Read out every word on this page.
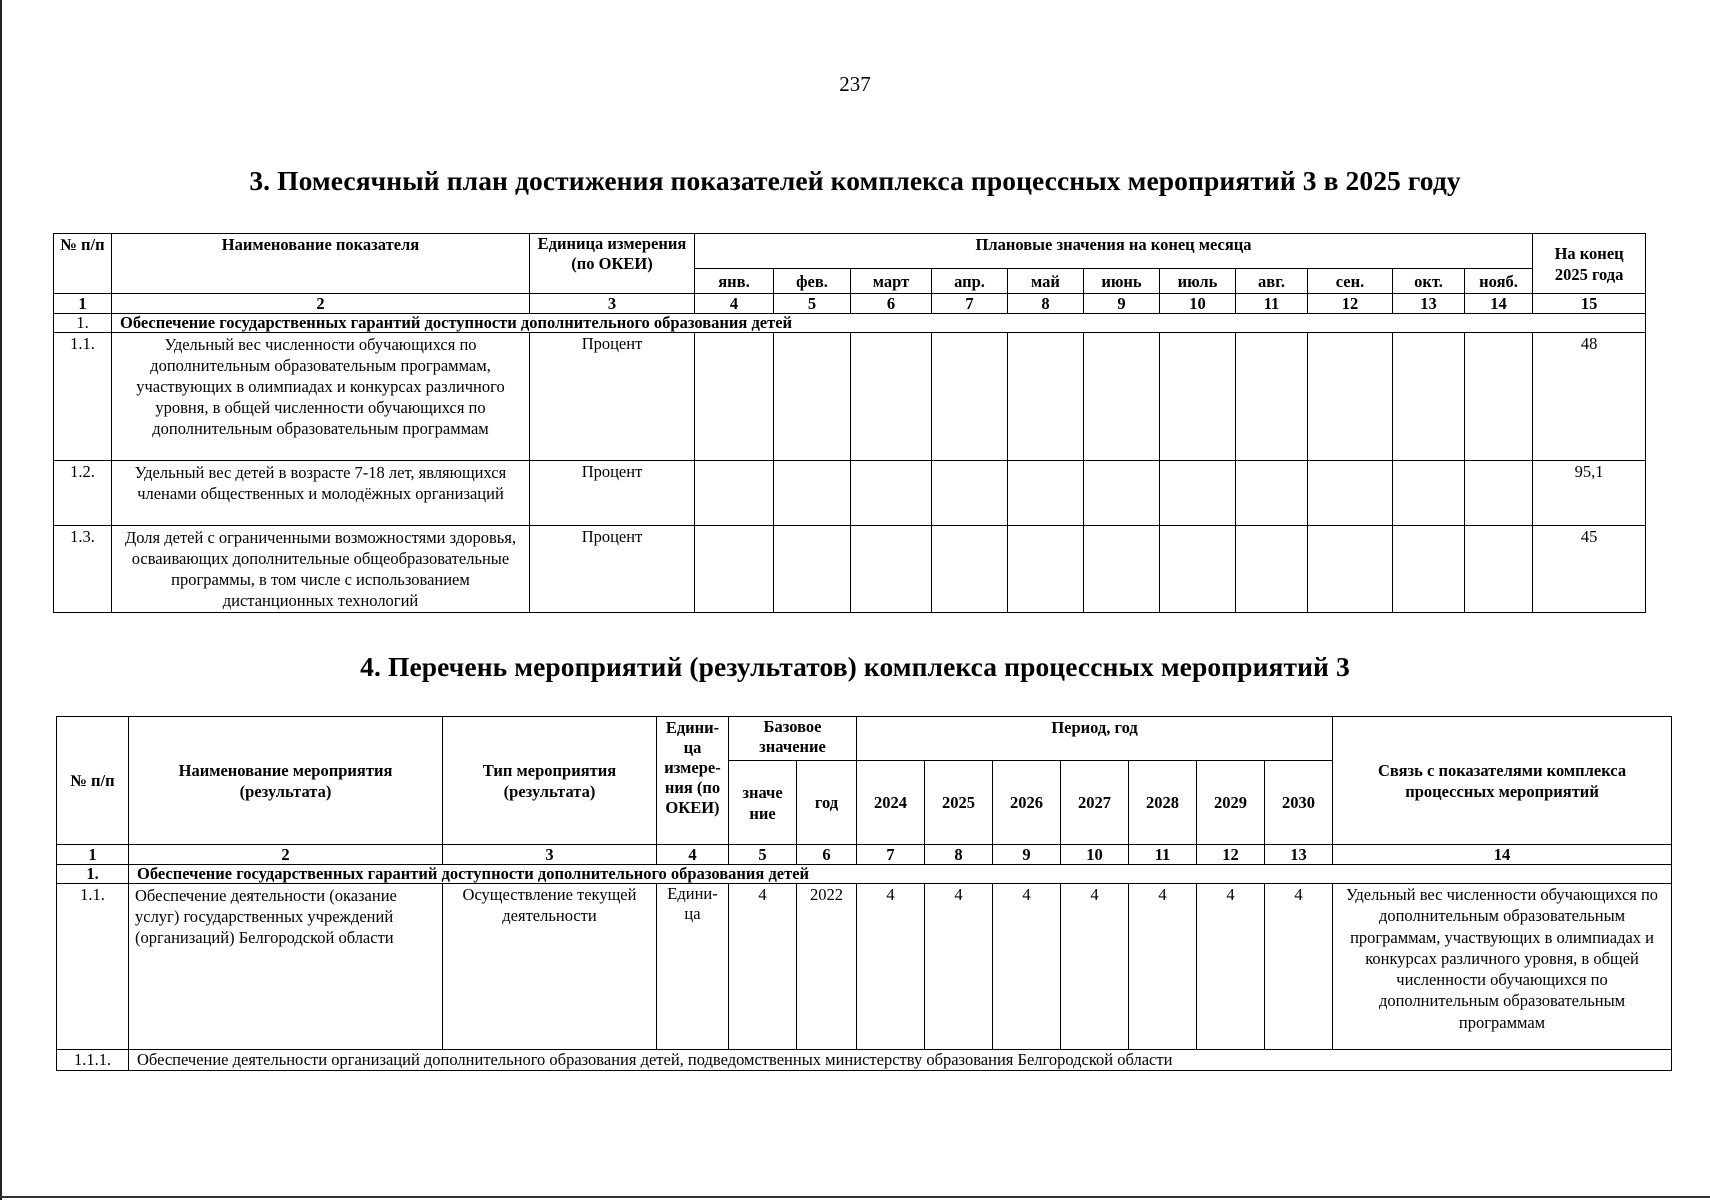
237
3. Помесячный план достижения показателей комплекса процессных мероприятий 3 в 2025 году
№ п/п	Наименование показателя	Единица измерения (по ОКЕИ)	Плановые значения на конец месяца											На конец 2025 года
			янв.	фев.	март	апр.	май	июнь	июль	авг.	сен.	окт.	нояб.	
1	2	3	4	5	6	7	8	9	10	11	12	13	14	15
1.	Обеспечение государственных гарантий доступности дополнительного образования детей													
1.1.	Удельный вес численности обучающихся по дополнительным образовательным программам, участвующих в олимпиадах и конкурсах различного уровня, в общей численности обучающихся по дополнительным образовательным программам	Процент												48
1.2.	Удельный вес детей в возрасте 7-18 лет, являющихся членами общественных и молодёжных организаций	Процент												95,1
1.3.	Доля детей с ограниченными возможностями здоровья, осваивающих дополнительные общеобразовательные программы, в том числе с использованием дистанционных технологий	Процент												45
4. Перечень мероприятий (результатов) комплекса процессных мероприятий 3
№ п/п	Наименование мероприятия (результата)	Тип мероприятия (результата)	Едини-ца измере-ния (по ОКЕИ)	Базовое значение		Период, год							Связь с показателями комплекса процессных мероприятий
				значе ние	год	2024	2025	2026	2027	2028	2029	2030	
1	2	3	4	5	6	7	8	9	10	11	12	13	14
1.	Обеспечение государственных гарантий доступности дополнительного образования детей												
1.1.	Обеспечение деятельности (оказание услуг) государственных учреждений (организаций) Белгородской области	Осуществление текущей деятельности	Едини-ца	4	2022	4	4	4	4	4	4	4	Удельный вес численности обучающихся по дополнительным образовательным программам, участвующих в олимпиадах и конкурсах различного уровня, в общей численности обучающихся по дополнительным образовательным программам
1.1.1.	Обеспечение деятельности организаций дополнительного образования детей, подведомственных министерству образования Белгородской области												
